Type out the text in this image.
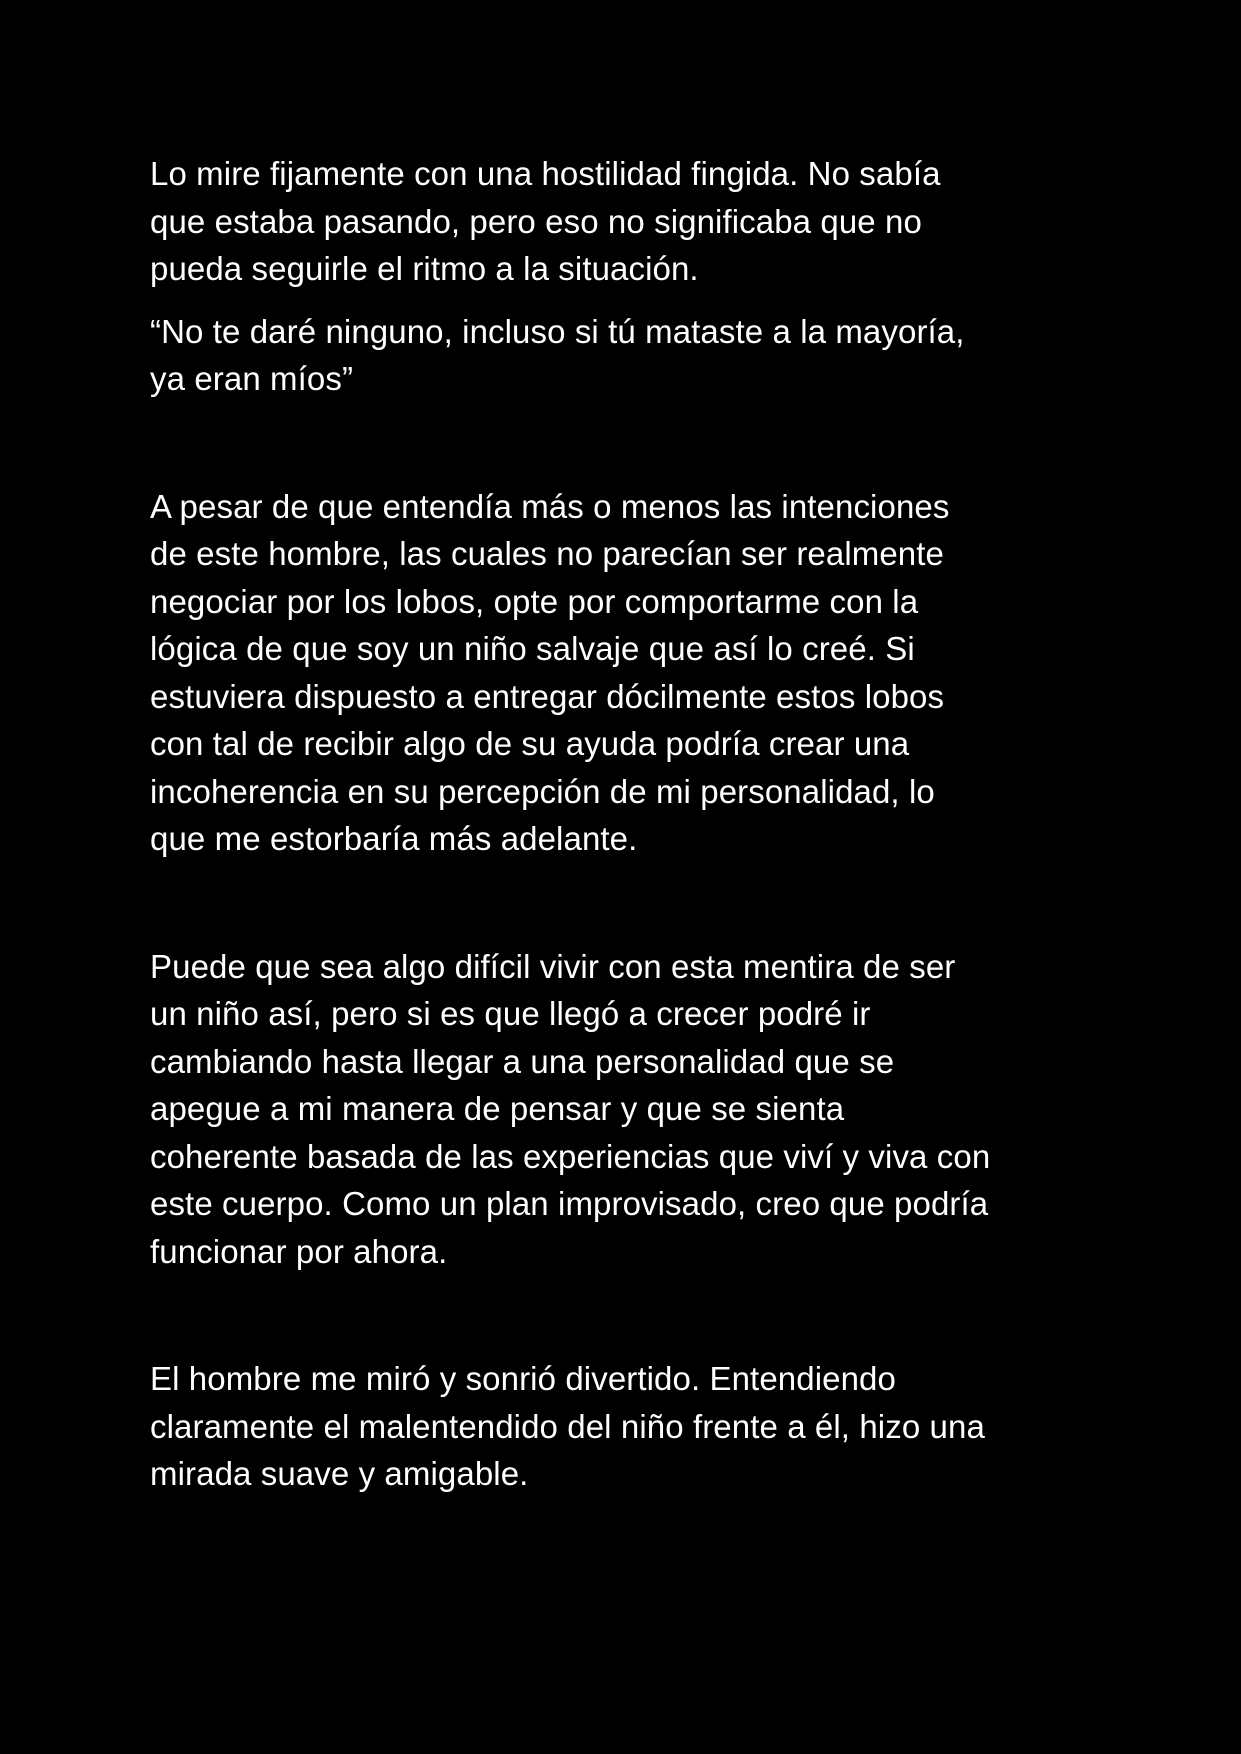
Lo mire fijamente con una hostilidad fingida. No sabía
que estaba pasando, pero eso no significaba que no
pueda seguirle el ritmo a la situación.

“No te daré ninguno, incluso si tú mataste a la mayoría,
ya eran míos”

A pesar de que entendía más o menos las intenciones
de este hombre, las cuales no parecían ser realmente
negociar por los lobos, opte por comportarme con la
lógica de que soy un niño salvaje que así lo creé. Si
estuviera dispuesto a entregar dócilmente estos lobos
con tal de recibir algo de su ayuda podría crear una
incoherencia en su percepción de mi personalidad, lo
que me estorbaría más adelante.

Puede que sea algo difícil vivir con esta mentira de ser
un niño así, pero si es que llegó a crecer podré ir
cambiando hasta llegar a una personalidad que se
apegue a mi manera de pensar y que se sienta
coherente basada de las experiencias que viví y viva con
este cuerpo. Como un plan improvisado, creo que podría
funcionar por ahora.

El hombre me miró y sonrió divertido. Entendiendo
claramente el malentendido del niño frente a él, hizo una
mirada suave y amigable.
